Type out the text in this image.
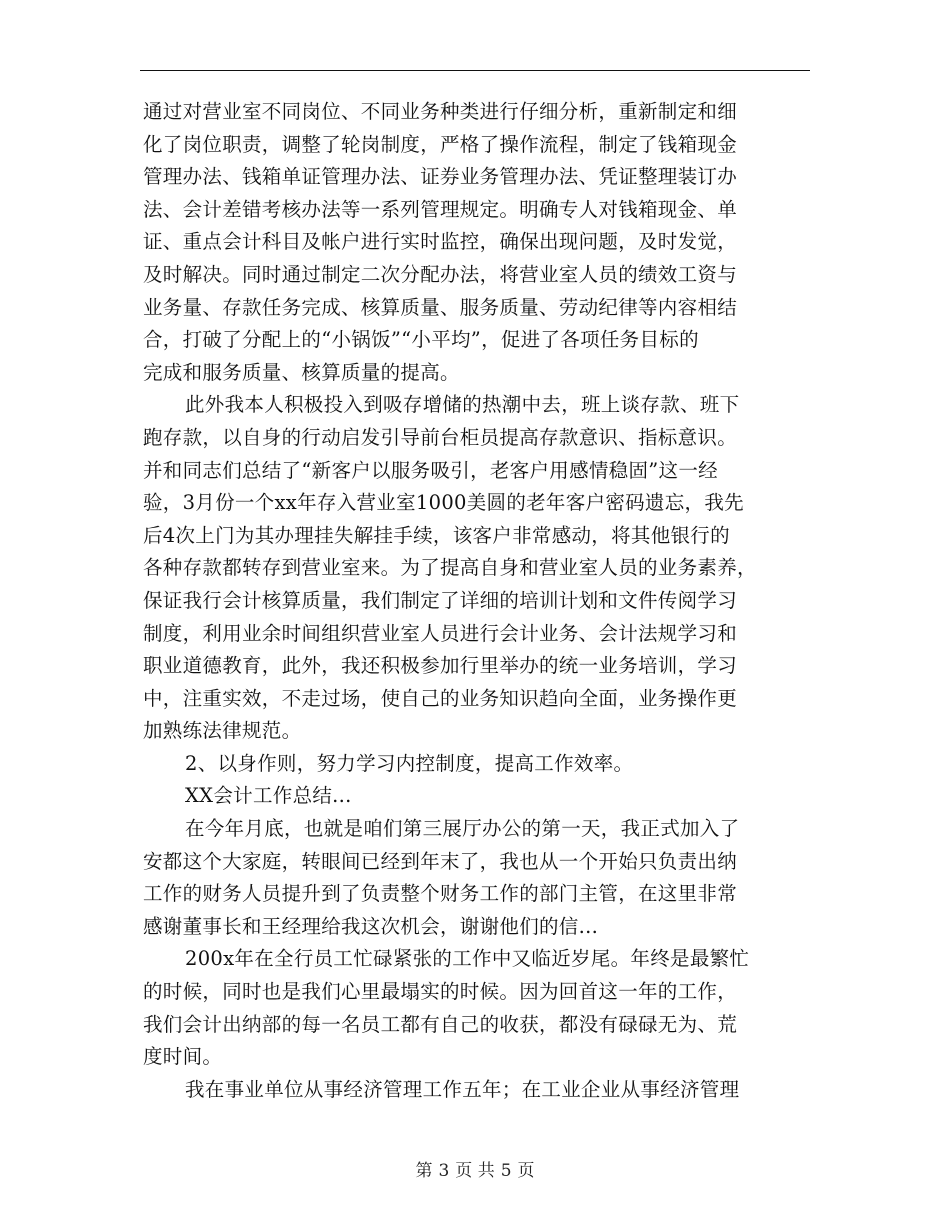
通过对营业室不同岗位、不同业务种类进行仔细分析，重新制定和细
化了岗位职责，调整了轮岗制度，严格了操作流程，制定了钱箱现金
管理办法、钱箱单证管理办法、证券业务管理办法、凭证整理装订办
法、会计差错考核办法等一系列管理规定。明确专人对钱箱现金、单
证、重点会计科目及帐户进行实时监控，确保出现问题，及时发觉，
及时解决。同时通过制定二次分配办法，将营业室人员的绩效工资与
业务量、存款任务完成、核算质量、服务质量、劳动纪律等内容相结
合，打破了分配上的“小锅饭”“小平均”，促进了各项任务目标的
完成和服务质量、核算质量的提高。
此外我本人积极投入到吸存增储的热潮中去，班上谈存款、班下
跑存款，以自身的行动启发引导前台柜员提高存款意识、指标意识。
并和同志们总结了“新客户以服务吸引，老客户用感情稳固”这一经
验，3月份一个xx年存入营业室1000美圆的老年客户密码遗忘，我先
后4次上门为其办理挂失解挂手续，该客户非常感动，将其他银行的
各种存款都转存到营业室来。为了提高自身和营业室人员的业务素养，
保证我行会计核算质量，我们制定了详细的培训计划和文件传阅学习
制度，利用业余时间组织营业室人员进行会计业务、会计法规学习和
职业道德教育，此外，我还积极参加行里举办的统一业务培训，学习
中，注重实效，不走过场，使自己的业务知识趋向全面，业务操作更
加熟练法律规范。
2、以身作则，努力学习内控制度，提高工作效率。
XX会计工作总结...
在今年月底，也就是咱们第三展厅办公的第一天，我正式加入了
安都这个大家庭，转眼间已经到年末了，我也从一个开始只负责出纳
工作的财务人员提升到了负责整个财务工作的部门主管，在这里非常
感谢董事长和王经理给我这次机会，谢谢他们的信...
200x年在全行员工忙碌紧张的工作中又临近岁尾。年终是最繁忙
的时候，同时也是我们心里最塌实的时候。因为回首这一年的工作，
我们会计出纳部的每一名员工都有自己的收获，都没有碌碌无为、荒
度时间。
我在事业单位从事经济管理工作五年；在工业企业从事经济管理
第 3 页 共 5 页
